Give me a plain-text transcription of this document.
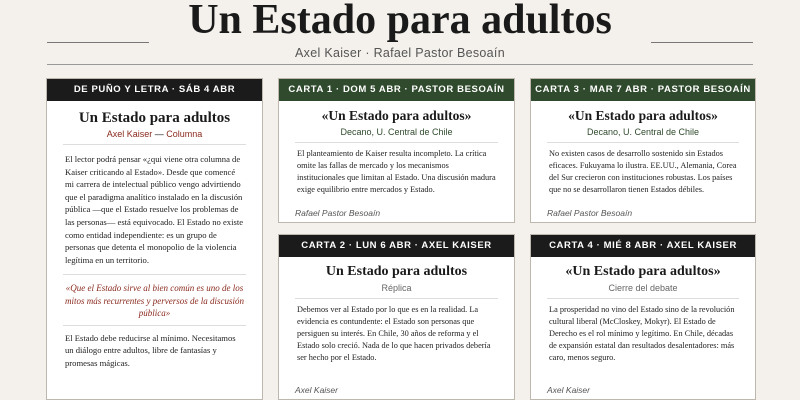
Un Estado para adultos
Axel Kaiser · Rafael Pastor Besoaín
DE PUÑO Y LETRA · SÁB 4 ABR
Un Estado para adultos
Axel Kaiser — Columna
El lector podrá pensar «¿qui viene otra columna de Kaiser criticando al Estado». Desde que comencé mi carrera de intelectual público vengo advirtiendo que el paradigma analítico instalado en la discusión pública —que el Estado resuelve los problemas de las personas— está equivocado. El Estado no existe como entidad independiente: es un grupo de personas que detenta el monopolio de la violencia legítima en un territorio.
«Que el Estado sirve al bien común es uno de los mitos más recurrentes y perversos de la discusión pública»
El Estado debe reducirse al mínimo. Necesitamos un diálogo entre adultos, libre de fantasías y promesas mágicas.
CARTA 1 · DOM 5 ABR · PASTOR BESOAÍN
«Un Estado para adultos»
Decano, U. Central de Chile
El planteamiento de Kaiser resulta incompleto. La crítica omite las fallas de mercado y los mecanismos institucionales que limitan al Estado. Una discusión madura exige equilibrio entre mercados y Estado.
Rafael Pastor Besoaín
CARTA 3 · MAR 7 ABR · PASTOR BESOAÍN
«Un Estado para adultos»
Decano, U. Central de Chile
No existen casos de desarrollo sostenido sin Estados eficaces. Fukuyama lo ilustra. EE.UU., Alemania, Corea del Sur crecieron con instituciones robustas. Los países que no se desarrollaron tienen Estados débiles.
Rafael Pastor Besoaín
CARTA 2 · LUN 6 ABR · AXEL KAISER
Un Estado para adultos
Réplica
Debemos ver al Estado por lo que es en la realidad. La evidencia es contundente: el Estado son personas que persiguen su interés. En Chile, 30 años de reforma y el Estado solo creció. Nada de lo que hacen privados debería ser hecho por el Estado.
Axel Kaiser
CARTA 4 · MIÉ 8 ABR · AXEL KAISER
«Un Estado para adultos»
Cierre del debate
La prosperidad no vino del Estado sino de la revolución cultural liberal (McCloskey, Mokyr). El Estado de Derecho es el rol mínimo y legítimo. En Chile, décadas de expansión estatal dan resultados desalentadores: más caro, menos seguro.
Axel Kaiser
